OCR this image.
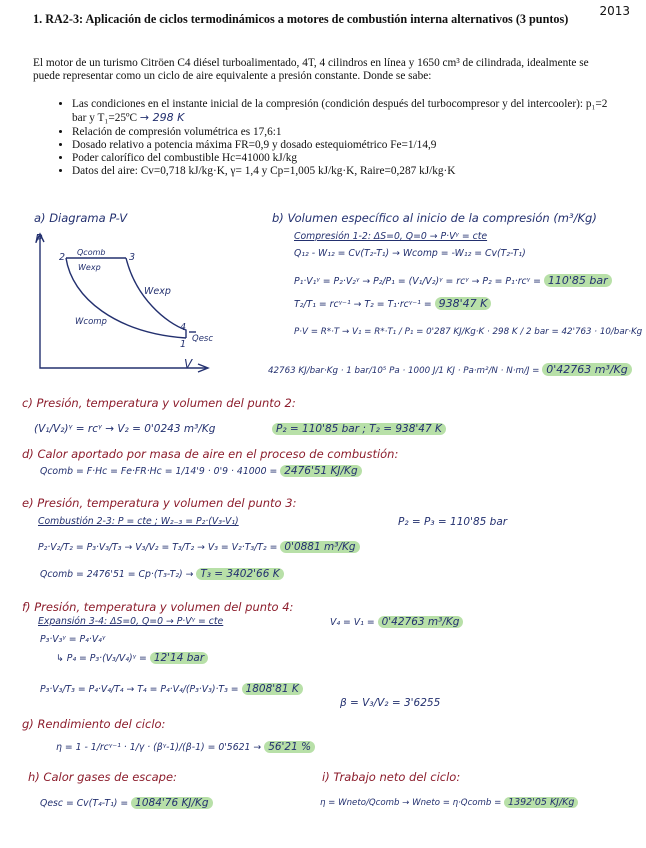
2013
1. RA2-3: Aplicación de ciclos termodinámicos a motores de combustión interna alternativos (3 puntos)
El motor de un turismo Citröen C4 diésel turboalimentado, 4T, 4 cilindros en línea y 1650 cm³ de cilindrada, idealmente se puede representar como un ciclo de aire equivalente a presión constante. Donde se sabe:
• Las condiciones en el instante inicial de la compresión (condición después del turbocompresor y del intercooler): p₁=2 bar y T₁=25ºC → 298 K
• Relación de compresión volumétrica es 17,6:1
• Dosado relativo a potencia máxima FR=0,9 y dosado estequiométrico Fe=1/14,9
• Poder calorífico del combustible Hc=41000 kJ/kg
• Datos del aire: Cv=0,718 kJ/kg·K, γ= 1,4 y Cp=1,005 kJ/kg·K, Raire=0,287 kJ/kg·K
a) Diagrama P-V
P
V
2	3
4
1
Qcomb
Wexp
Wexp
Wcomp
Qesc
b) Volumen específico al inicio de la compresión (m³/Kg)
Compresión 1-2: ΔS=0, Q=0 → P·Vᵞ = cte
Q₁₂ - W₁₂ = Cv(T₂-T₁) → Wcomp = -W₁₂ = Cv(T₂-T₁)
P₁·V₁ᵞ = P₂·V₂ᵞ → P₂/P₁ = (V₁/V₂)ᵞ = rcᵞ → P₂ = P₁·rcᵞ = 110'85 bar
T₂/T₁ = rcᵞ⁻¹ → T₂ = T₁·rcᵞ⁻¹ = 938'47 K
P·V = R*·T → V₁ = R*·T₁ / P₁ = 0'287 KJ/Kg·K · 298 K / 2 bar = 42'763 · 10/bar·Kg
42763 KJ/bar·Kg · 1 bar/10⁵ Pa · 1000 J/1 KJ · Pa·m²/N · N·m/J = 0'42763 m³/Kg
c) Presión, temperatura y volumen del punto 2:
(V₁/V₂)ᵞ = rcᵞ → V₂ = 0'0243 m³/Kg	P₂ = 110'85 bar ; T₂ = 938'47 K
d) Calor aportado por masa de aire en el proceso de combustión:
Qcomb = F·Hc = Fe·FR·Hc = 1/14'9 · 0'9 · 41000 = 2476'51 KJ/Kg
e) Presión, temperatura y volumen del punto 3:
Combustión 2-3: P = cte ; W₂₋₃ = P₂·(V₃-V₁)	P₂ = P₃ = 110'85 bar
P₂·V₂/T₂ = P₃·V₃/T₃ → V₃/V₂ = T₃/T₂ → V₃ = V₂·T₃/T₂ = 0'0881 m³/Kg
Qcomb = 2476'51 = Cp·(T₃-T₂) → T₃ = 3402'66 K
f) Presión, temperatura y volumen del punto 4:
Expansión 3-4: ΔS=0, Q=0 → P·Vᵞ = cte	V₄ = V₁ = 0'42763 m³/Kg
P₃·V₃ᵞ = P₄·V₄ᵞ
↳ P₄ = P₃·(V₃/V₄)ᵞ = 12'14 bar
P₃·V₃/T₃ = P₄·V₄/T₄ → T₄ = P₄·V₄/(P₃·V₃)·T₃ = 1808'81 K
β = V₃/V₂ = 3'6255
g) Rendimiento del ciclo:
η = 1 - 1/rcᵞ⁻¹ · 1/γ · (βᵞ-1)/(β-1) = 0'5621 → 56'21 %
h) Calor gases de escape:
Qesc = Cv(T₄-T₁) = 1084'76 KJ/Kg
i) Trabajo neto del ciclo:
η = Wneto/Qcomb → Wneto = η·Qcomb = 1392'05 KJ/Kg
